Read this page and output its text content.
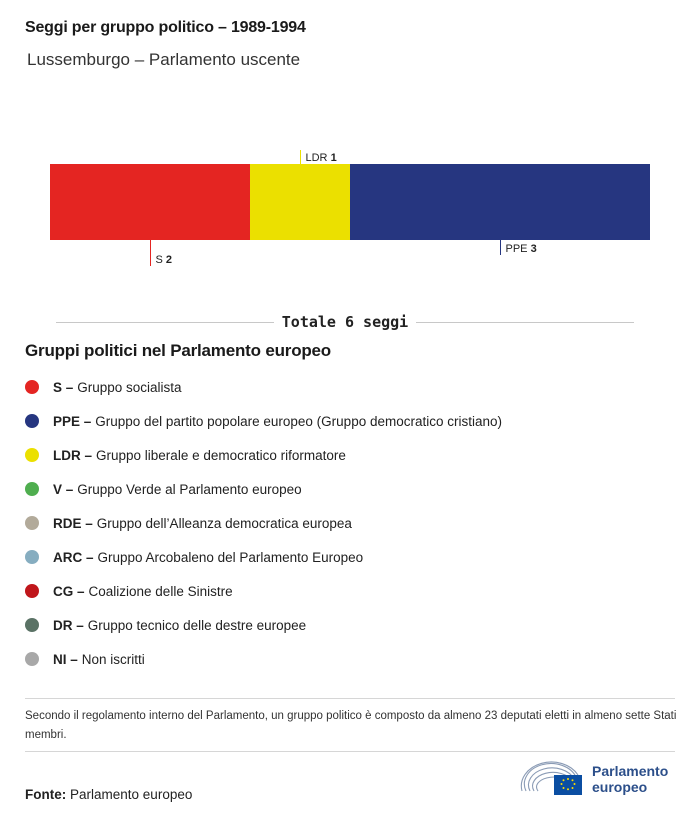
Seggi per gruppo politico – 1989-1994
Lussemburgo – Parlamento uscente
S 2
LDR 1
PPE 3
Totale 6 seggi
Gruppi politici nel Parlamento europeo
S – Gruppo socialista
PPE – Gruppo del partito popolare europeo (Gruppo democratico cristiano)
LDR – Gruppo liberale e democratico riformatore
V – Gruppo Verde al Parlamento europeo
RDE – Gruppo dell’Alleanza democratica europea
ARC – Gruppo Arcobaleno del Parlamento Europeo
CG – Coalizione delle Sinistre
DR – Gruppo tecnico delle destre europee
NI – Non iscritti
Secondo il regolamento interno del Parlamento, un gruppo politico è composto da almeno 23 deputati eletti in almeno sette Stati membri.
Fonte: Parlamento europeo
Parlamento
europeo
